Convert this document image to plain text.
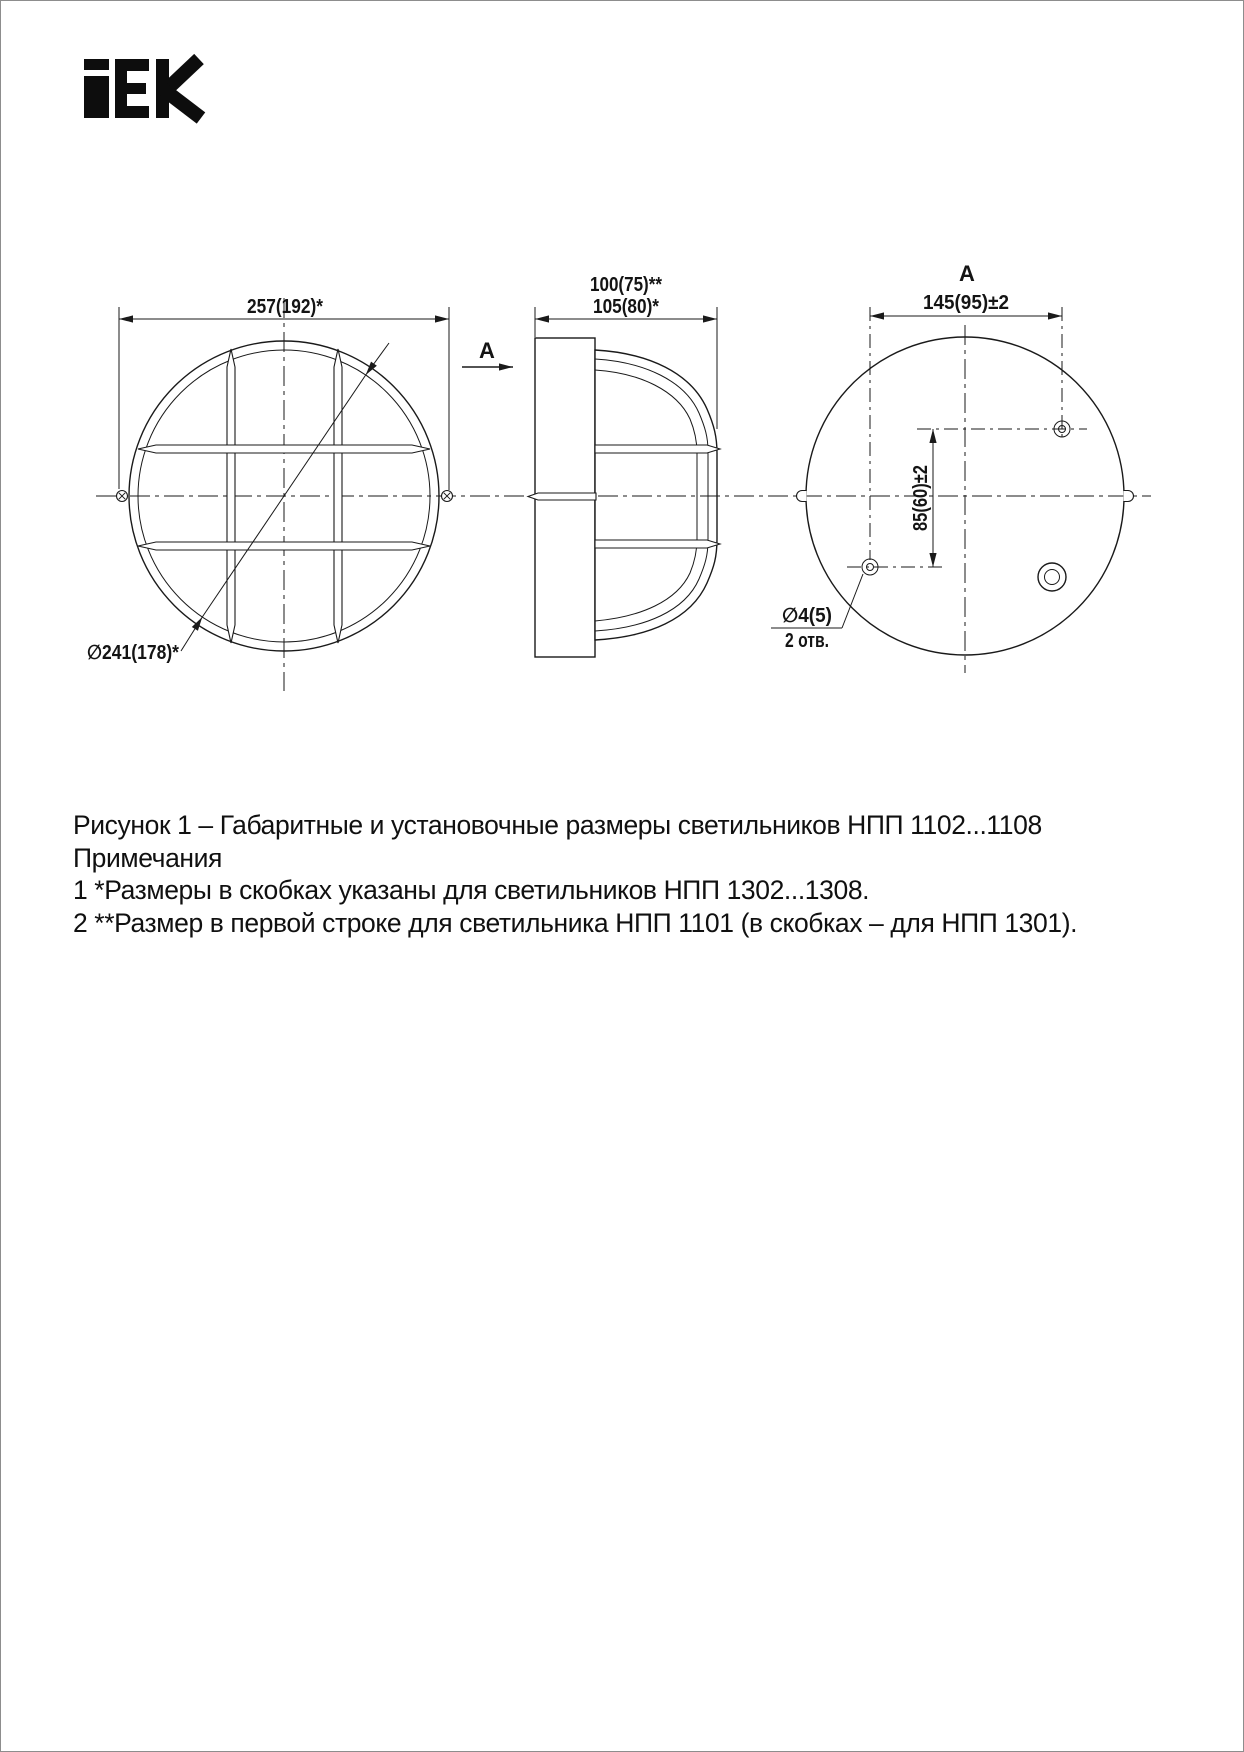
257(192)*
∅241(178)*
100(75)**
105(80)*
A
A
145(95)±2
85(60)±2
∅4(5)
2 отв.
Рисунок 1 – Габаритные и установочные размеры светильников НПП 1102...1108
Примечания
1 *Размеры в скобках указаны для светильников НПП 1302...1308.
2 **Размер в первой строке для светильника НПП 1101 (в скобках – для НПП 1301).
